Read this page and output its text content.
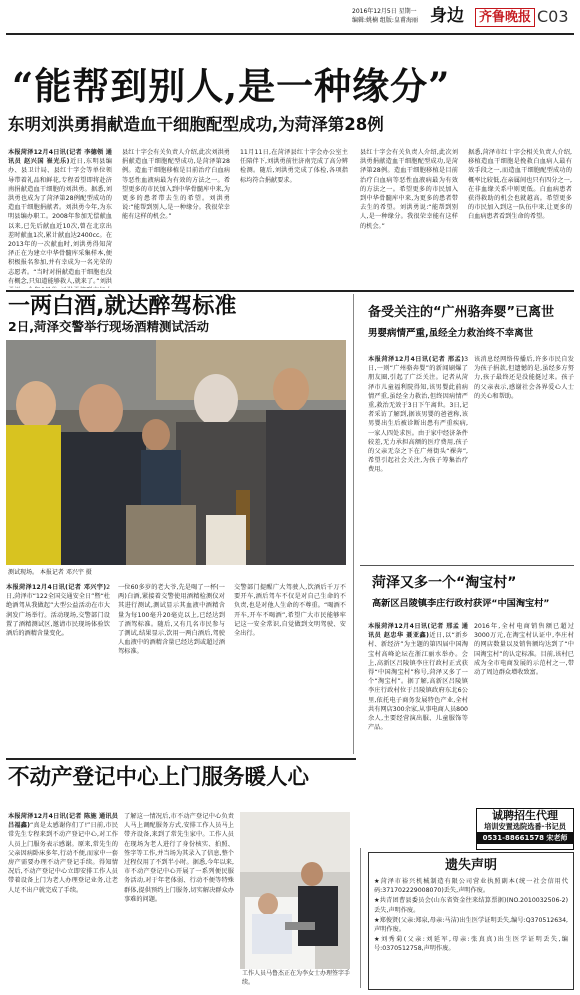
2016年12月5日 星期一
编辑:姚楠 组版:皇甫海丽 身边	齐鲁晚报 C03
“能帮到别人,是一种缘分”
东明刘洪勇捐献造血干细胞配型成功,为菏泽第28例
本报菏泽12月4日讯(记者 李德领 通讯员 赵兴国 崔光乐)近日,东明县编办、县卫计局、县红十字会等单位领导带着礼品和鲜花,专程看望即将赴济南捐献造血干细胞的刘洪勇。据悉,刘洪勇也成为了菏泽第28例配型成功的造血干细胞捐献者。刘洪勇今年,为东明县编办职工。2008年参加无偿献血以来,已先后献血近10次,曾在北京出差时献血1次,累计献血达2400cc。在2013年的一次献血时,刘洪勇得知菏泽正在为建立中华骨髓库采集样本,便积极报名参加,并有幸成为一名光荣的志愿者。“当时对捐献造血干细胞也没有概念,只知道能够救人,就来了。”刘洪
县红十字会有关负责人介绍,此次刘洪勇捐献造血干细胞配型成功,是菏泽第28例。造血干细胞移植是目前治疗白血病等恶性血液病最为有效的方法之一。希望更多的市民加入到中华骨髓库中来,为更多的患者带去生的希望。刘洪勇说:“能帮到别人,是一种缘分。我很荣幸能有这样的机会。”
11月11日,在菏泽县红十字会办公室主任陪伴下,刘洪勇前往济南完成了高分辨检测。随后,刘洪勇完成了体检,各项指标均符合捐献要求。
县红十字会有关负责人介绍,此次刘洪勇捐献造血干细胞配型成功,是菏泽第28例。造血干细胞移植是目前治疗白血病等恶性血液病最为有效的方法之一。希望更多的市民加入到中华骨髓库中来,为更多的患者带去生的希望。刘洪勇说:“能帮到别人,是一种缘分。我很荣幸能有这样的机会。”
据悉,菏泽市红十字会相关负责人介绍,移植造血干细胞是挽救白血病人最有效手段之一,而造血干细胞配型成功的概率比较低,在亲属间也只有四分之一,在非血缘关系中则更低。白血病患者获得救助的机会也就越高。希望更多的市民加入到这一队伍中来,让更多的白血病患者看到生命的希望。
一两白酒,就达醉驾标准
2日,菏泽交警举行现场酒精测试活动
测试现场。 本报记者 邓兴宇 摄
本报菏泽12月4日讯(记者 邓兴宇)2日,菏泽市“122全国交通安全日”暨“杜绝酒驾从我做起”大型公益活动在市大润发广场举行。活动现场,交警部门设置了酒精测试区,邀请市民现场体验饮酒后的酒精含量变化。
一位60多岁的老大爷,先是喝了一杯(一两)白酒,紧接着交警使用酒精检测仪对其进行测试,测试显示其血液中酒精含量为每100毫升20毫克以上,已经达到了酒驾标准。随后,又有几名市民参与了测试,结果显示,饮用一两白酒后,驾驶人血液中的酒精含量已经达到或超过酒驾标准。
交警部门提醒广大驾驶人,饮酒后千万不要开车,酒后驾车不仅是对自己生命的不负责,也是对他人生命的不尊重。“喝酒不开车,开车不喝酒”,希望广大市民能够牢记这一安全常识,自觉做到文明驾驶、安全出行。
备受关注的“广州骆奔婴”已离世
男婴病情严重,虽经全力救治终不幸离世
本报菏泽12月4日讯(记者 邢孟)3日,一则“广州骆奔婴”的新闻刷爆了朋友圈,引起了广泛关注。记者从菏泽市儿童福利院得知,该男婴此前病情严重,虽经全力救治,但终因病情严重,救治无效于3日下午离世。3日,记者采访了解到,据该男婴的爸爸称,该男婴出生后被诊断出患有严重疾病,一家人四处求医。由于家中经济条件较差,无力承担高额的医疗费用,孩子的父亲无奈之下在广州街头“裸奔”,希望引起社会关注,为孩子筹集治疗费用。
该消息经网络传播后,许多市民自发为孩子捐款,但遗憾的是,虽经多方努力,孩子最终还是没能挺过来。孩子的父亲表示,感谢社会各界爱心人士的关心和帮助。
菏泽又多一个“淘宝村”
高新区吕陵镇李庄行政村获评“中国淘宝村”
本报菏泽12月4日讯(记者 邢孟 通讯员 赵忠华 聂亚鑫)近日,以“新乡村、新经济”为主题的第四届中国淘宝村高峰论坛在浙江丽水举办。会上,高新区吕陵镇李庄行政村正式获得“中国淘宝村”称号,菏泽又多了一个“淘宝村”。据了解,高新区吕陵镇李庄行政村位于吕陵镇政府东北6公里,依托电子商务发展特色产业,全村共有网店300余家,从事电商人员800余人,主要经营演出服、儿童服饰等产品。
2016年,全村电商销售额已超过3000万元,在淘宝村认证中,李庄村的网店数量以及销售额均达到了“中国淘宝村”的认定标准。目前,该村已成为全市电商发展的示范村之一,带动了周边群众增收致富。
诚聘招生代理
培训安置选院选番·书记员
0531-88661578 宋老师
不动产登记中心上门服务暖人心
本报菏泽12月4日讯(记者 陈施 通讯员 吕福鑫)“真是太感谢你们了!”日前,市民常先生专程来到不动产登记中心,对工作人员上门服务表示感谢。原来,常先生的父亲因病卧床多年,行动不便,而家中一套房产需要办理不动产登记手续。得知情况后,不动产登记中心立即安排工作人员带着设备上门为老人办理登记业务,让老人足不出户就完成了手续。
了解这一情况后,市不动产登记中心负责人马上调配服务方式,安排工作人员马上带齐设备,来到了常先生家中。工作人员在现场为老人进行了身份核实、拍照、签字等工作,并当场为其录入了信息,整个过程仅用了不到半小时。据悉,今年以来,市不动产登记中心开展了一系列便民服务活动,对于年老体弱、行动不便等特殊群体,提供预约上门服务,切实解决群众办事难的问题。
工作人员马鲁杰正在为李女士办理签字手续。
遗失声明
★菏泽市裕兴机械制造有限公司营业执照副本(统一社会信用代码:371702229008070)丢失,声明作废。
★共青团曹县委员会(山东省资金往来结算票据)(NO.2010032506-2)丢失,声明作废。
★郑俊贤(父亲:郑泉,母亲:马洁)出生医学证明丢失,编号:Q370512634,声明作废。
★刘秀菊(父亲:刘延军,母亲:张真真)出生医学证明丢失,编号:0370512758,声明作废。
